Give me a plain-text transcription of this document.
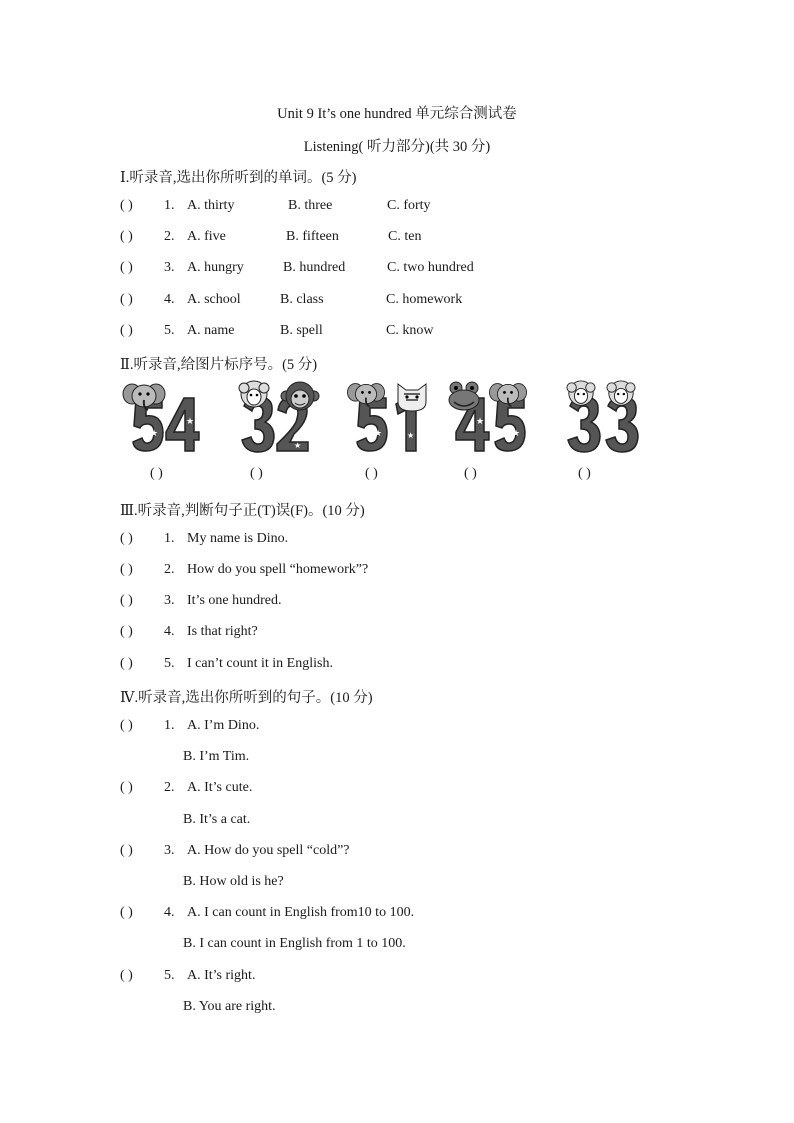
Unit 9 It’s one hundred 单元综合测试卷
Listening( 听力部分)(共 30 分)
Ⅰ.听录音,选出你所听到的单词。(5 分)
( ) 1. A. thirty	B. three	C. forty
( ) 2. A. five	B. fifteen	C. ten
( ) 3. A. hungry	B. hundred	C. two hundred
( ) 4. A. school	B. class	C. homework
( ) 5. A. name	B. spell	C. know
Ⅱ.听录音,给图片标序号。(5 分)
★
★
★
★
★	★
★
★
★	★
( )	( )	( )	( )	( )
Ⅲ.听录音,判断句子正(T)误(F)。(10 分)
( ) 1. My name is Dino.
( ) 2. How do you spell “homework”?
( ) 3. It’s one hundred.
( ) 4. Is that right?
( ) 5. I can’t count it in English.
Ⅳ.听录音,选出你所听到的句子。(10 分)
( ) 1. A. I’m Dino.
B. I’m Tim.
( ) 2. A. It’s cute.
B. It’s a cat.
( ) 3. A. How do you spell “cold”?
B. How old is he?
( ) 4. A. I can count in English from10 to 100.
B. I can count in English from 1 to 100.
( ) 5. A. It’s right.
B. You are right.
